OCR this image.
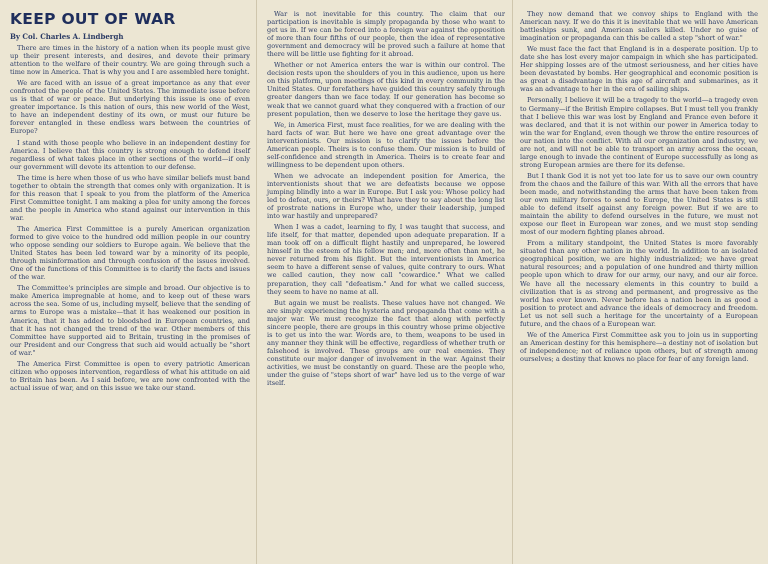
KEEP OUT OF WAR
By Col. Charles A. Lindbergh

There are times in the history of a nation when its people must give up their present interests, and desires, and devote their primary attention to the welfare of their country. We are going through such a time now in America. That is why you and I are assembled here tonight.

We are faced with an issue of a great importance as any that ever confronted the people of the United States. The immediate issue before us is that of war or peace. But underlying this issue is one of even greater importance. Is this nation of ours, this new world of the West, to have an independent destiny of its own, or must our future be forever entangled in these endless wars between the countries of Europe?

I stand with those people who believe in an independent destiny for America. I believe that this country is strong enough to defend itself regardless of what takes place in other sections of the world—if only our government will devote its attention to our defense.

The time is here when those of us who have similar beliefs must band together to obtain the strength that comes only with organization. It is for this reason that I speak to you from the platform of the America First Committee tonight. I am making a plea for unity among the forces and the people in America who stand against our intervention in this war.

The America First Committee is a purely American organization formed to give voice to the hundred odd million people in our country who oppose sending our soldiers to Europe again. We believe that the United States has been led toward war by a minority of its people, through misinformation and through confusion of the issues involved. One of the functions of this Committee is to clarify the facts and issues of the war.

The Committee's principles are simple and broad. Our objective is to make America impregnable at home, and to keep out of these wars across the sea. Some of us, including myself, believe that the sending of arms to Europe was a mistake—that it has weakened our position in America, that it has added to bloodshed in European countries, and that it has not changed the trend of the war. Other members of this Committee have supported aid to Britain, trusting in the promises of our President and our Congress that such aid would actually be "short of war."

The America First Committee is open to every patriotic American citizen who opposes intervention, regardless of what his attitude on aid to Britain has been. As I said before, we are now confronted with the actual issue of war, and on this issue we take our stand.

War is not inevitable for this country. The claim that our participation is inevitable is simply propaganda by those who want to get us in. If we can be forced into a foreign war against the opposition of more than four fifths of our people, then the idea of representative government and democracy will be proved such a failure at home that there will be little use fighting for it abroad.

Whether or not America enters the war is within our control. The decision rests upon the shoulders of you in this audience, upon us here on this platform, upon meetings of this kind in every community in the United States. Our forefathers have guided this country safely through greater dangers than we face today. If our generation has become so weak that we cannot guard what they conquered with a fraction of our present population, then we deserve to lose the heritage they gave us.

We, in America First, must face realities, for we are dealing with the hard facts of war. But here we have one great advantage over the interventionists. Our mission is to clarify the issues before the American people. Theirs is to confuse them. Our mission is to build of self-confidence and strength in America. Theirs is to create fear and willingness to be dependent upon others.

When we advocate an independent position for America, the interventionists shout that we are defeatists because we oppose jumping blindly into a war in Europe. But I ask you: Whose policy had led to defeat, ours, or theirs? What have they to say about the long list of prostrate nations in Europe who, under their leadership, jumped into war hastily and unprepared?

When I was a cadet, learning to fly, I was taught that success, and life itself, for that matter, depended upon adequate preparation. If a man took off on a difficult flight hastily and unprepared, he lowered himself in the esteem of his fellow men; and, more often than not, he never returned from his flight. But the interventionists in America seem to have a different sense of values, quite contrary to ours. What we called caution, they now call "cowardice." What we called preparation, they call "defeatism." And for what we called success, they seem to have no name at all.

But again we must be realists. These values have not changed. We are simply experiencing the hysteria and propaganda that come with a major war. We must recognize the fact that along with perfectly sincere people, there are groups in this country whose prime objective is to get us into the war. Words are, to them, weapons to be used in any manner they think will be effective, regardless of whether truth or falsehood is involved. These groups are our real enemies. They constitute our major danger of involvement in the war. Against their activities, we must be constantly on guard. These are the people who, under the guise of "steps short of war" have led us to the verge of war itself.

They now demand that we convoy ships to England with the American navy. If we do this it is inevitable that we will have American battleships sunk, and American sailors killed. Under no guise of imagination or propaganda can this be called a step "short of war."

We must face the fact that England is in a desperate position. Up to date she has lost every major campaign in which she has participated. Her shipping losses are of the utmost seriousness, and her cities have been devastated by bombs. Her geographical and economic position is as great a disadvantage in this age of aircraft and submarines, as it was an advantage to her in the era of sailing ships.

Personally, I believe it will be a tragedy to the world—a tragedy even to Germany—if the British Empire collapses. But I must tell you frankly that I believe this war was lost by England and France even before it was declared, and that it is not within our power in America today to win the war for England, even though we throw the entire resources of our nation into the conflict. With all our organization and industry, we are not, and will not be able to transport an army across the ocean, large enough to invade the continent of Europe successfully as long as strong European armies are there for its defense.

But I thank God it is not yet too late for us to save our own country from the chaos and the failure of this war. With all the errors that have been made, and notwithstanding the arms that have been taken from our own military forces to send to Europe, the United States is still able to defend itself against any foreign power. But if we are to maintain the ability to defend ourselves in the future, we must not expose our fleet in European war zones, and we must stop sending most of our modern fighting planes abroad.

From a military standpoint, the United States is more favorably situated than any other nation in the world. In addition to an isolated geographical position, we are highly industrialized; we have great natural resources; and a population of one hundred and thirty million people upon which to draw for our army, our navy, and our air force. We have all the necessary elements in this country to build a civilization that is as strong and permanent, and progressive as the world has ever known. Never before has a nation been in as good a position to protect and advance the ideals of democracy and freedom. Let us not sell such a heritage for the uncertainty of a European future, and the chaos of a European war.

We of the America First Committee ask you to join us in supporting an American destiny for this hemisphere—a destiny not of isolation but of independence; not of reliance upon others, but of strength among ourselves; a destiny that knows no place for fear of any foreign land.
